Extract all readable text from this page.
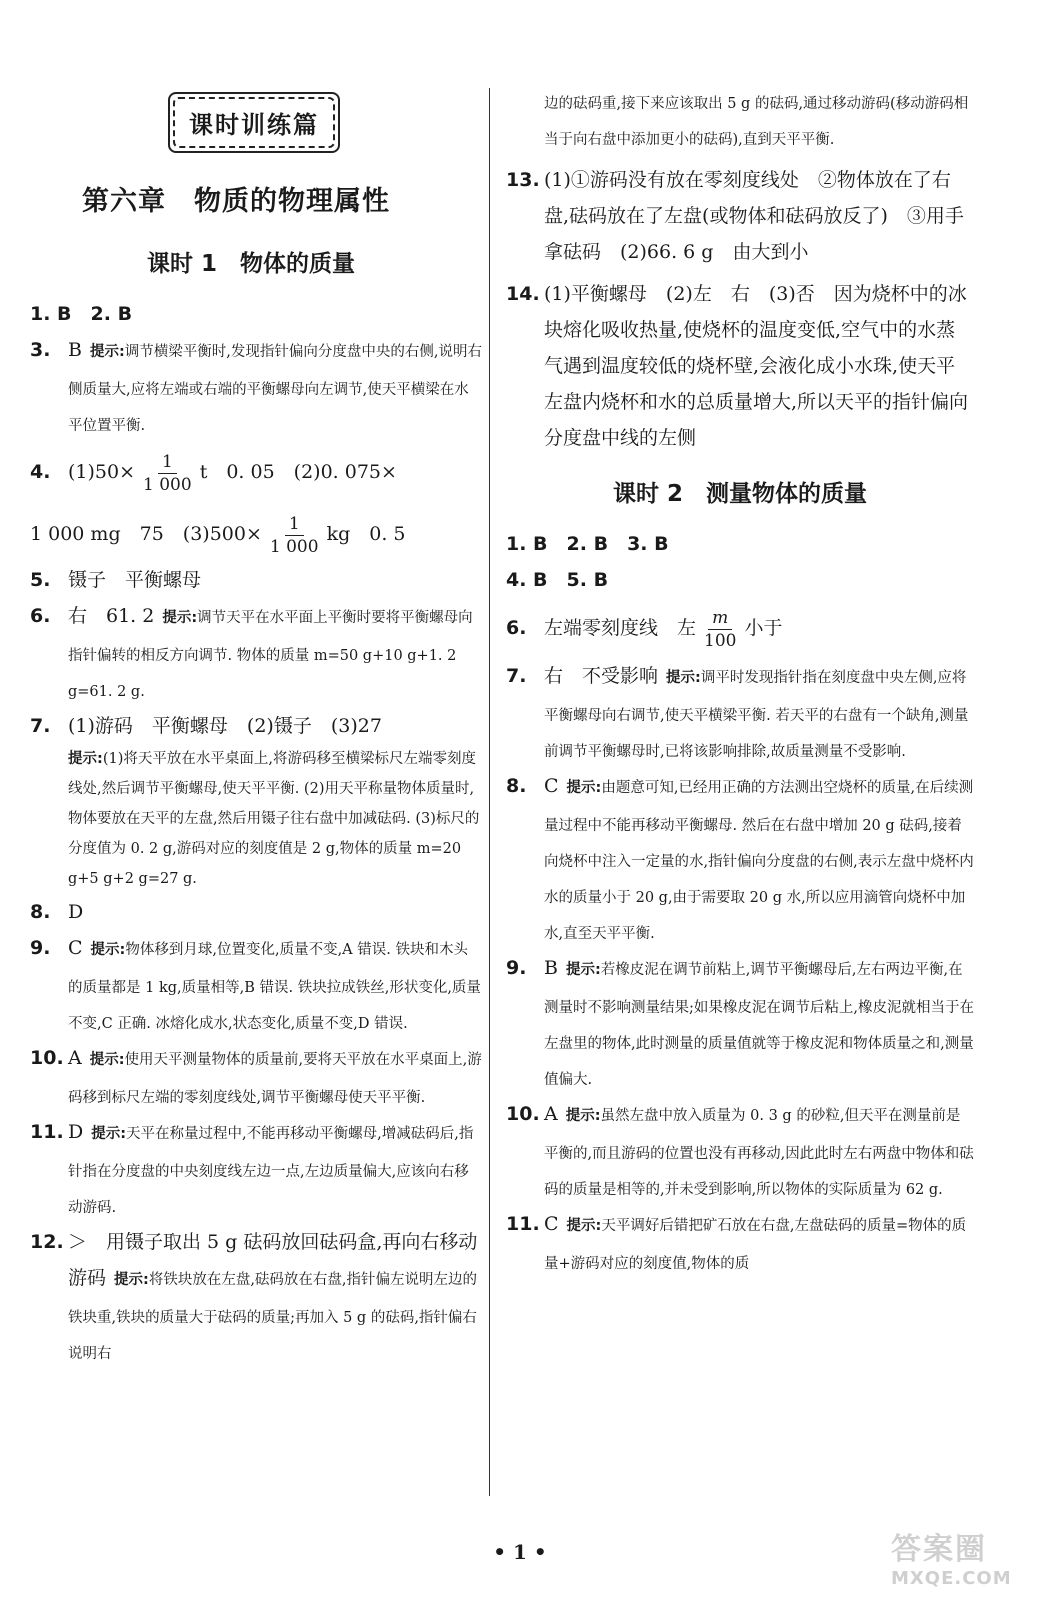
课时训练篇
第六章　物质的物理属性
课时 1　物体的质量
1. B　2. B
3. B 提示:调节横梁平衡时,发现指针偏向分度盘中央的右侧,说明右侧质量大,应将左端或右端的平衡螺母向左调节,使天平横梁在水平位置平衡.
4. $(1)50\times \frac{1}{1 000}$ t　0. 05　(2)0. 075×
1 000 mg　75　$(3)500\times \frac{1}{1 000}$ kg　0. 5
5. 镊子　平衡螺母
6. 右　61. 2 提示:调节天平在水平面上平衡时要将平衡螺母向指针偏转的相反方向调节. 物体的质量 m=50 g+10 g+1. 2 g=61. 2 g.
7. (1)游码　平衡螺母　(2)镊子　(3)27
提示:(1)将天平放在水平桌面上,将游码移至横梁标尺左端零刻度线处,然后调节平衡螺母,使天平平衡. (2)用天平称量物体质量时,物体要放在天平的左盘,然后用镊子往右盘中加减砝码. (3)标尺的分度值为 0. 2 g,游码对应的刻度值是 2 g,物体的质量 m=20 g+5 g+2 g=27 g.
8. D
9. C 提示:物体移到月球,位置变化,质量不变,A 错误. 铁块和木头的质量都是 1 kg,质量相等,B 错误. 铁块拉成铁丝,形状变化,质量不变,C 正确. 冰熔化成水,状态变化,质量不变,D 错误.
10. A 提示:使用天平测量物体的质量前,要将天平放在水平桌面上,游码移到标尺左端的零刻度线处,调节平衡螺母使天平平衡.
11. D 提示:天平在称量过程中,不能再移动平衡螺母,增减砝码后,指针指在分度盘的中央刻度线左边一点,左边质量偏大,应该向右移动游码.
12. ＞　用镊子取出 5 g 砝码放回砝码盒,再向右移动游码 提示:将铁块放在左盘,砝码放在右盘,指针偏左说明左边的铁块重,铁块的质量大于砝码的质量;再加入 5 g 的砝码,指针偏右说明右
边的砝码重,接下来应该取出 5 g 的砝码,通过移动游码(移动游码相当于向右盘中添加更小的砝码),直到天平平衡.
13. (1)①游码没有放在零刻度线处　②物体放在了右盘,砝码放在了左盘(或物体和砝码放反了)　③用手拿砝码　(2)66. 6 g　由大到小
14. (1)平衡螺母　(2)左　右　(3)否　因为烧杯中的冰块熔化吸收热量,使烧杯的温度变低,空气中的水蒸气遇到温度较低的烧杯壁,会液化成小水珠,使天平左盘内烧杯和水的总质量增大,所以天平的指针偏向分度盘中线的左侧
课时 2　测量物体的质量
1. B　2. B　3. B
4. B　5. B
6. 左端零刻度线　左 $\frac{m}{100}$ 小于
7. 右　不受影响 提示:调平时发现指针指在刻度盘中央左侧,应将平衡螺母向右调节,使天平横梁平衡. 若天平的右盘有一个缺角,测量前调节平衡螺母时,已将该影响排除,故质量测量不受影响.
8. C 提示:由题意可知,已经用正确的方法测出空烧杯的质量,在后续测量过程中不能再移动平衡螺母. 然后在右盘中增加 20 g 砝码,接着向烧杯中注入一定量的水,指针偏向分度盘的右侧,表示左盘中烧杯内水的质量小于 20 g,由于需要取 20 g 水,所以应用滴管向烧杯中加水,直至天平平衡.
9. B 提示:若橡皮泥在调节前粘上,调节平衡螺母后,左右两边平衡,在测量时不影响测量结果;如果橡皮泥在调节后粘上,橡皮泥就相当于在左盘里的物体,此时测量的质量值就等于橡皮泥和物体质量之和,测量值偏大.
10. A 提示:虽然左盘中放入质量为 0. 3 g 的砂粒,但天平在测量前是平衡的,而且游码的位置也没有再移动,因此此时左右两盘中物体和砝码的质量是相等的,并未受到影响,所以物体的实际质量为 62 g.
11. C 提示:天平调好后错把矿石放在右盘,左盘砝码的质量=物体的质量+游码对应的刻度值,物体的质
• 1 •	答案圈
MXQE.COM
